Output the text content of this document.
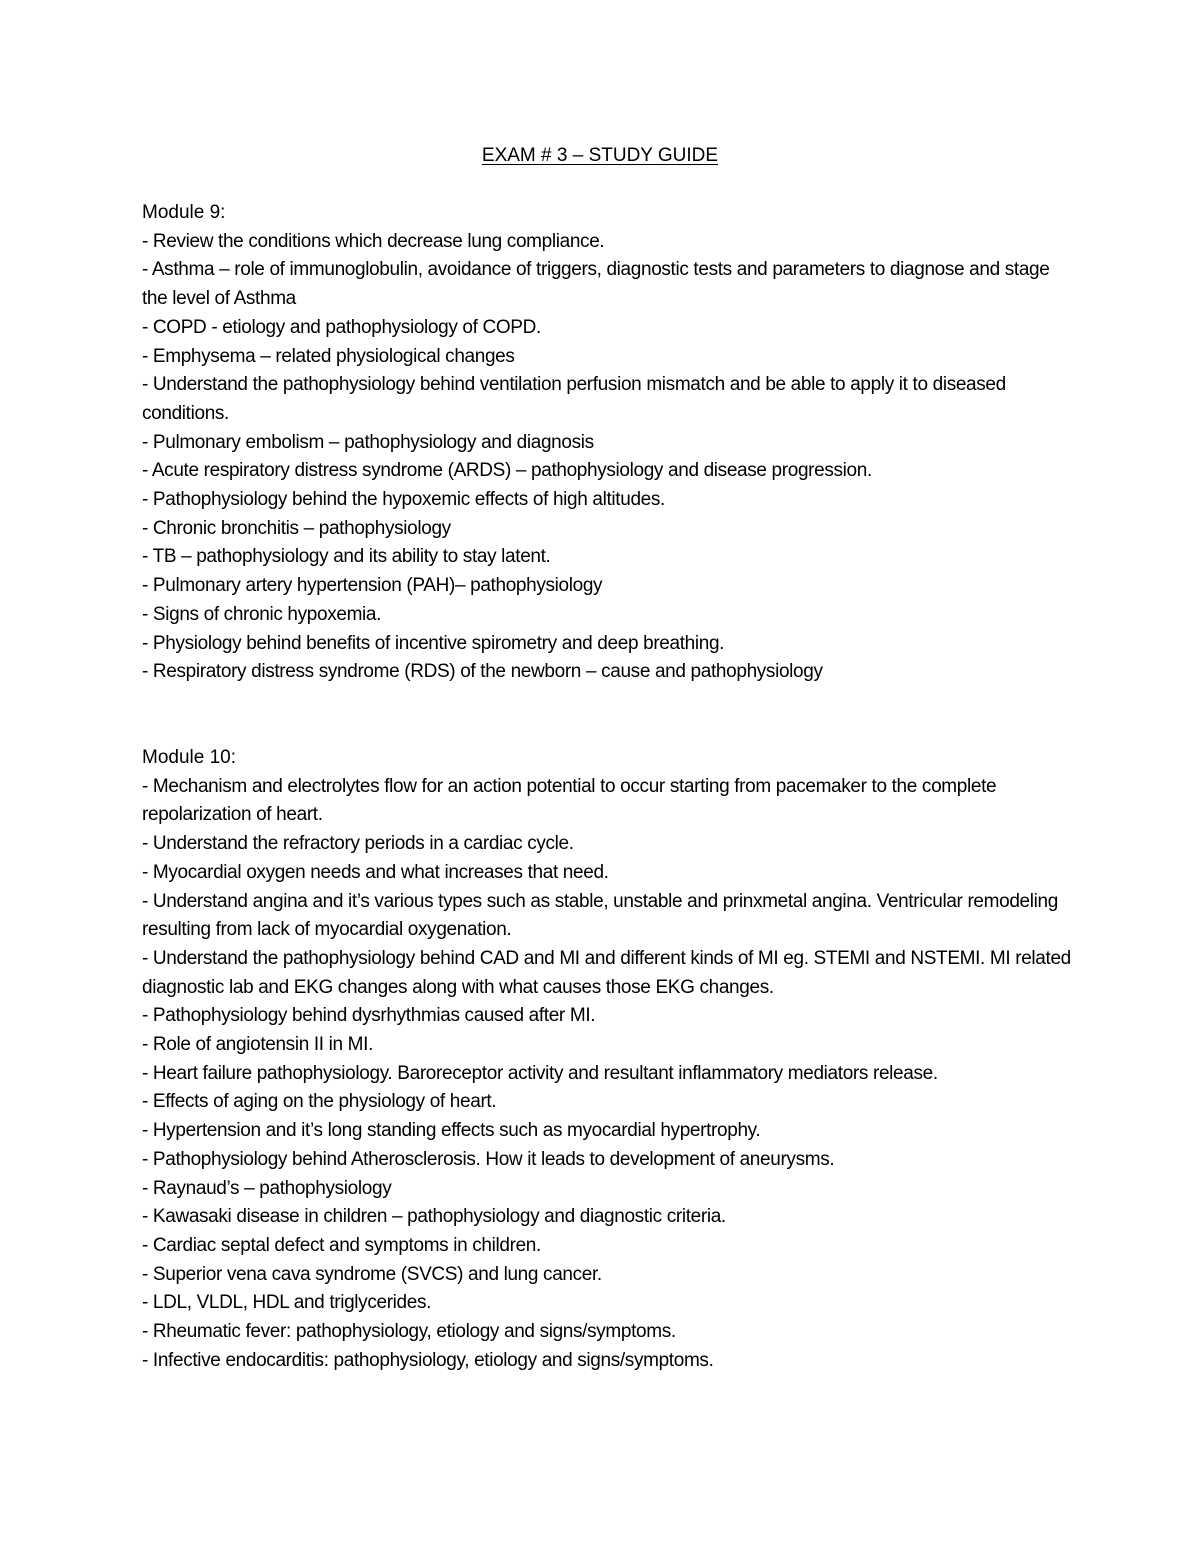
EXAM # 3 – STUDY GUIDE

Module 9:

- Review the conditions which decrease lung compliance.
- Asthma – role of immunoglobulin, avoidance of triggers, diagnostic tests and parameters to diagnose and stage the level of Asthma
- COPD - etiology and pathophysiology of COPD.
- Emphysema – related physiological changes
- Understand the pathophysiology behind ventilation perfusion mismatch and be able to apply it to diseased conditions.
- Pulmonary embolism – pathophysiology and diagnosis
- Acute respiratory distress syndrome (ARDS) – pathophysiology and disease progression.
- Pathophysiology behind the hypoxemic effects of high altitudes.
- Chronic bronchitis – pathophysiology
- TB – pathophysiology and its ability to stay latent.
- Pulmonary artery hypertension (PAH)– pathophysiology
- Signs of chronic hypoxemia.
- Physiology behind benefits of incentive spirometry and deep breathing.
- Respiratory distress syndrome (RDS) of the newborn – cause and pathophysiology

Module 10:

- Mechanism and electrolytes flow for an action potential to occur starting from pacemaker to the complete repolarization of heart.
- Understand the refractory periods in a cardiac cycle.
- Myocardial oxygen needs and what increases that need.
- Understand angina and it’s various types such as stable, unstable and prinxmetal angina. Ventricular remodeling resulting from lack of myocardial oxygenation.
- Understand the pathophysiology behind CAD and MI and different kinds of MI eg. STEMI and NSTEMI. MI related diagnostic lab and EKG changes along with what causes those EKG changes.
- Pathophysiology behind dysrhythmias caused after MI.
- Role of angiotensin II in MI.
- Heart failure pathophysiology. Baroreceptor activity and resultant inflammatory mediators release.
- Effects of aging on the physiology of heart.
- Hypertension and it’s long standing effects such as myocardial hypertrophy.
- Pathophysiology behind Atherosclerosis. How it leads to development of aneurysms.
- Raynaud’s – pathophysiology
- Kawasaki disease in children – pathophysiology and diagnostic criteria.
- Cardiac septal defect and symptoms in children.
- Superior vena cava syndrome (SVCS) and lung cancer.
- LDL, VLDL, HDL and triglycerides.
- Rheumatic fever: pathophysiology, etiology and signs/symptoms.
- Infective endocarditis: pathophysiology, etiology and signs/symptoms.
